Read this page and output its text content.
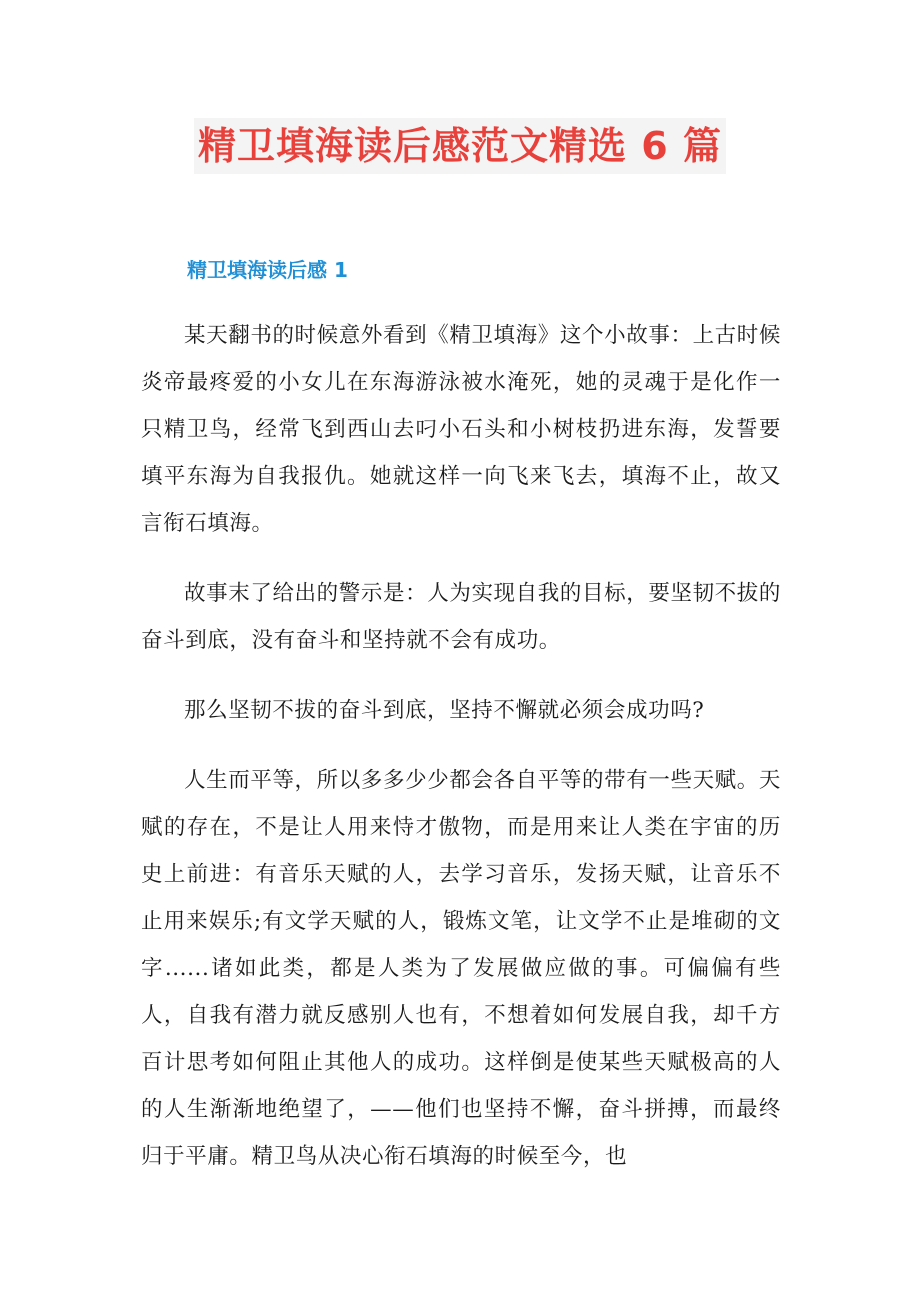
精卫填海读后感范文精选 6 篇
精卫填海读后感 1

某天翻书的时候意外看到《精卫填海》这个小故事：上古时候炎帝最疼爱的小女儿在东海游泳被水淹死，她的灵魂于是化作一只精卫鸟，经常飞到西山去叼小石头和小树枝扔进东海，发誓要填平东海为自我报仇。她就这样一向飞来飞去，填海不止，故又言衔石填海。

故事末了给出的警示是：人为实现自我的目标，要坚韧不拔的奋斗到底，没有奋斗和坚持就不会有成功。

那么坚韧不拔的奋斗到底，坚持不懈就必须会成功吗?

人生而平等，所以多多少少都会各自平等的带有一些天赋。天赋的存在，不是让人用来恃才傲物，而是用来让人类在宇宙的历史上前进：有音乐天赋的人，去学习音乐，发扬天赋，让音乐不止用来娱乐;有文学天赋的人，锻炼文笔，让文学不止是堆砌的文字......诸如此类，都是人类为了发展做应做的事。可偏偏有些人，自我有潜力就反感别人也有，不想着如何发展自我，却千方百计思考如何阻止其他人的成功。这样倒是使某些天赋极高的人的人生渐渐地绝望了，——他们也坚持不懈，奋斗拼搏，而最终归于平庸。精卫鸟从决心衔石填海的时候至今，也
